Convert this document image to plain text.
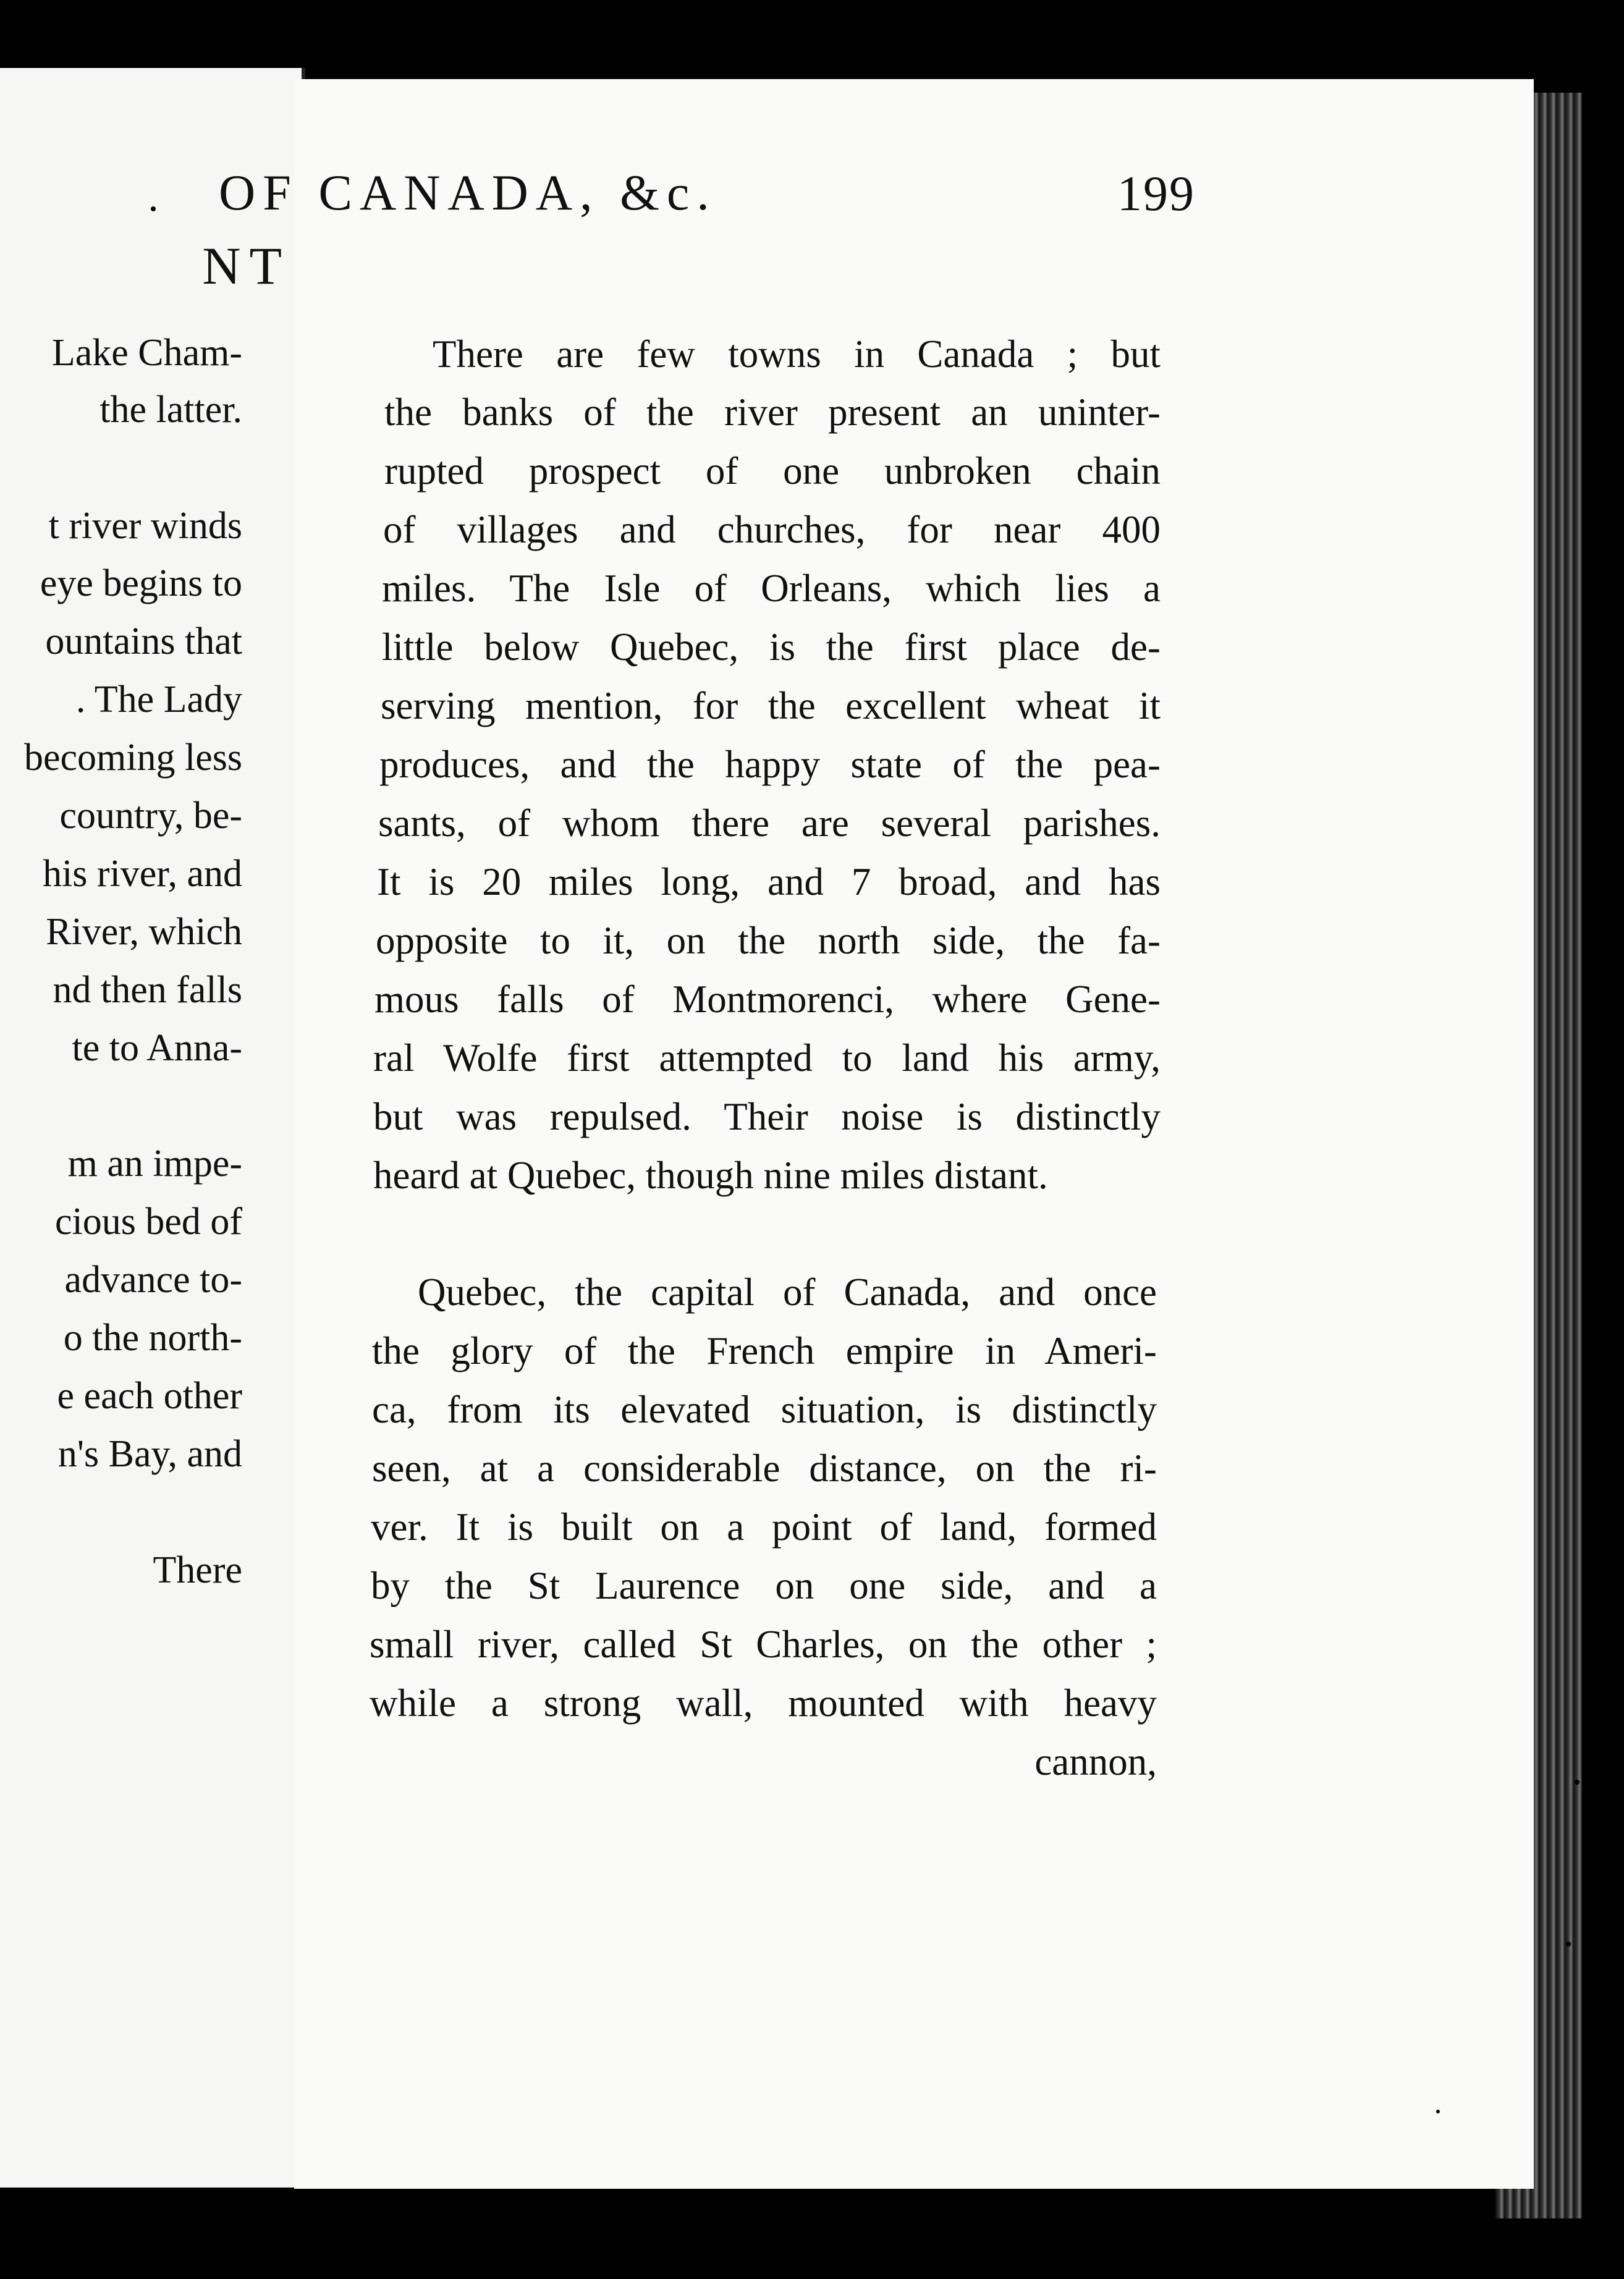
NT
Lake Cham-
the latter.
t river winds
eye begins to
ountains that
. The Lady
becoming less
country, be-
his river, and
River, which
nd then falls
te to Anna-
m an impe-
cious bed of
advance to-
o the north-
e each other
n's Bay, and
There
OF CANADA, &c.	199
There are few towns in Canada ; but
the banks of the river present an uninter-
rupted prospect of one unbroken chain
of villages and churches, for near 400
miles. The Isle of Orleans, which lies a
little below Quebec, is the first place de-
serving mention, for the excellent wheat it
produces, and the happy state of the pea-
sants, of whom there are several parishes.
It is 20 miles long, and 7 broad, and has
opposite to it, on the north side, the fa-
mous falls of Montmorenci, where Gene-
ral Wolfe first attempted to land his army,
but was repulsed. Their noise is distinctly
heard at Quebec, though nine miles distant.
Quebec, the capital of Canada, and once
the glory of the French empire in Ameri-
ca, from its elevated situation, is distinctly
seen, at a considerable distance, on the ri-
ver. It is built on a point of land, formed
by the St Laurence on one side, and a
small river, called St Charles, on the other ;
while a strong wall, mounted with heavy
cannon,
